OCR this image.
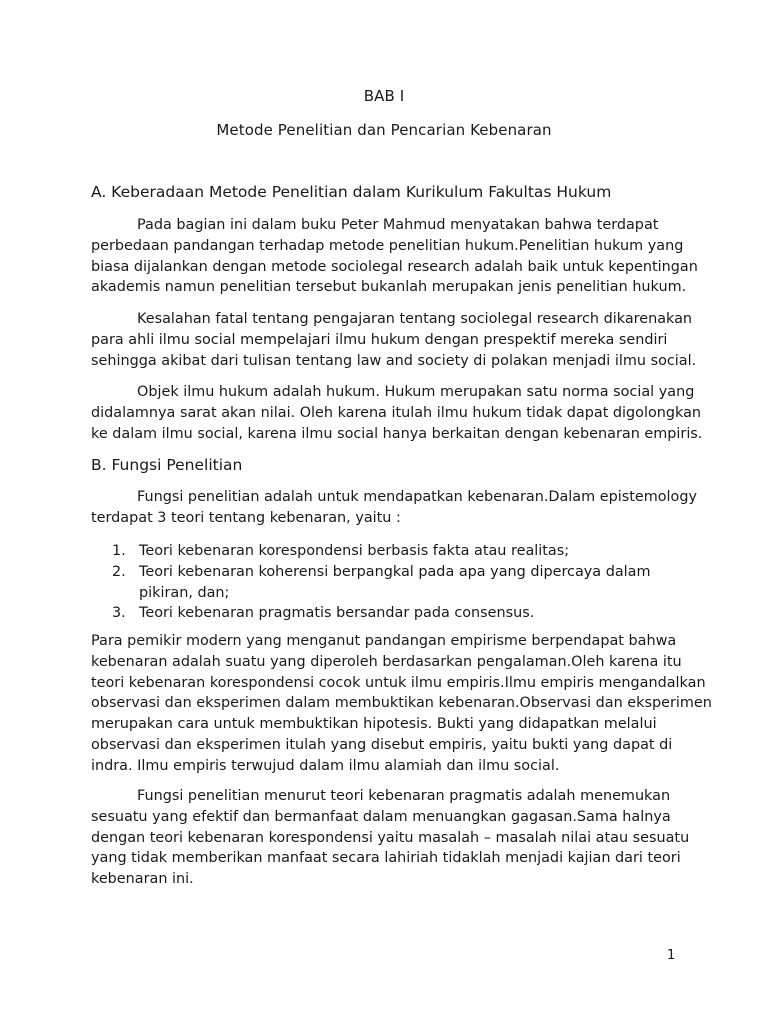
BAB I
Metode Penelitian dan Pencarian Kebenaran
A. Keberadaan Metode Penelitian dalam Kurikulum Fakultas Hukum
Pada bagian ini dalam buku Peter Mahmud menyatakan bahwa terdapat
perbedaan pandangan terhadap metode penelitian hukum.Penelitian hukum yang
biasa dijalankan dengan metode sociolegal research adalah baik untuk kepentingan
akademis namun penelitian tersebut bukanlah merupakan jenis penelitian hukum.
Kesalahan fatal tentang pengajaran tentang sociolegal research dikarenakan
para ahli ilmu social mempelajari ilmu hukum dengan prespektif mereka sendiri
sehingga akibat dari tulisan tentang law and society di polakan menjadi ilmu social.
Objek ilmu hukum adalah hukum. Hukum merupakan satu norma social yang
didalamnya sarat akan nilai. Oleh karena itulah ilmu hukum tidak dapat digolongkan
ke dalam ilmu social, karena ilmu social hanya berkaitan dengan kebenaran empiris.
B. Fungsi Penelitian
Fungsi penelitian adalah untuk mendapatkan kebenaran.Dalam epistemology
terdapat 3 teori tentang kebenaran, yaitu :
1. Teori kebenaran korespondensi berbasis fakta atau realitas;
2. Teori kebenaran koherensi berpangkal pada apa yang dipercaya dalam
pikiran, dan;
3. Teori kebenaran pragmatis bersandar pada consensus.
Para pemikir modern yang menganut pandangan empirisme berpendapat bahwa
kebenaran adalah suatu yang diperoleh berdasarkan pengalaman.Oleh karena itu
teori kebenaran korespondensi cocok untuk ilmu empiris.Ilmu empiris mengandalkan
observasi dan eksperimen dalam membuktikan kebenaran.Observasi dan eksperimen
merupakan cara untuk membuktikan hipotesis. Bukti yang didapatkan melalui
observasi dan eksperimen itulah yang disebut empiris, yaitu bukti yang dapat di
indra. Ilmu empiris terwujud dalam ilmu alamiah dan ilmu social.
Fungsi penelitian menurut teori kebenaran pragmatis adalah menemukan
sesuatu yang efektif dan bermanfaat dalam menuangkan gagasan.Sama halnya
dengan teori kebenaran korespondensi yaitu masalah – masalah nilai atau sesuatu
yang tidak memberikan manfaat secara lahiriah tidaklah menjadi kajian dari teori
kebenaran ini.
1
